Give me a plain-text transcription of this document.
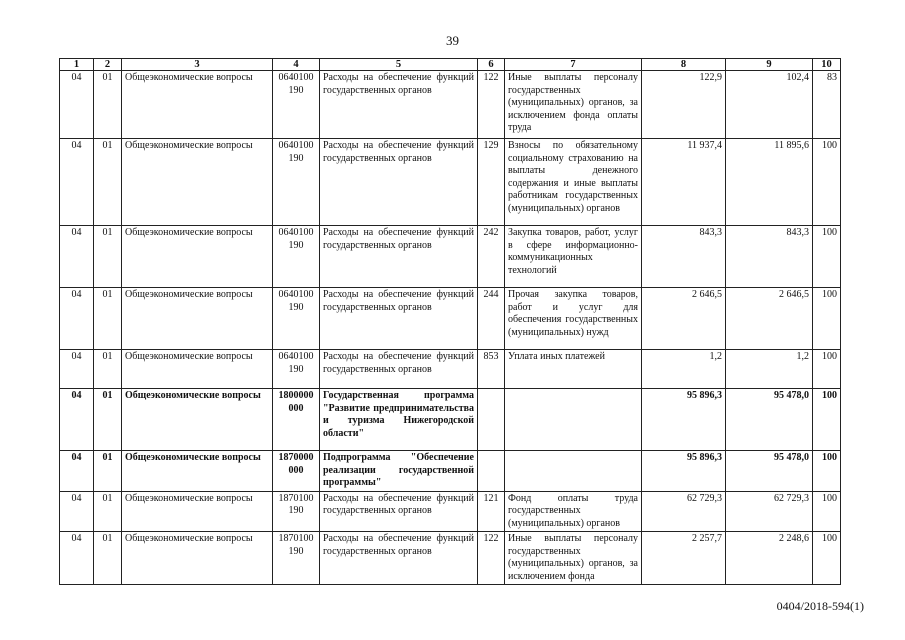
39
1	2	3	4	5	6	7	8	9	10
04	01	Общеэкономические вопросы	0640100 190	Расходы на обеспечение функций государственных органов	122	Иные выплаты персоналу государственных (муниципальных) органов, за исключением фонда оплаты труда	122,9	102,4	83
04	01	Общеэкономические вопросы	0640100 190	Расходы на обеспечение функций государственных органов	129	Взносы по обязательному социальному страхованию на выплаты денежного содержания и иные выплаты работникам государственных (муниципальных) органов	11 937,4	11 895,6	100
04	01	Общеэкономические вопросы	0640100 190	Расходы на обеспечение функций государственных органов	242	Закупка товаров, работ, услуг в сфере информационно-коммуникационных технологий	843,3	843,3	100
04	01	Общеэкономические вопросы	0640100 190	Расходы на обеспечение функций государственных органов	244	Прочая закупка товаров, работ и услуг для обеспечения государственных (муниципальных) нужд	2 646,5	2 646,5	100
04	01	Общеэкономические вопросы	0640100 190	Расходы на обеспечение функций государственных органов	853	Уплата иных платежей	1,2	1,2	100
04	01	Общеэкономические вопросы	1800000 000	Государственная программа "Развитие предпринимательства и туризма Нижегородской области"			95 896,3	95 478,0	100
04	01	Общеэкономические вопросы	1870000 000	Подпрограмма "Обеспечение реализации государственной программы"			95 896,3	95 478,0	100
04	01	Общеэкономические вопросы	1870100 190	Расходы на обеспечение функций государственных органов	121	Фонд оплаты труда государственных (муниципальных) органов	62 729,3	62 729,3	100
04	01	Общеэкономические вопросы	1870100 190	Расходы на обеспечение функций государственных органов	122	Иные выплаты персоналу государственных (муниципальных) органов, за исключением фонда	2 257,7	2 248,6	100
0404/2018-594(1)
